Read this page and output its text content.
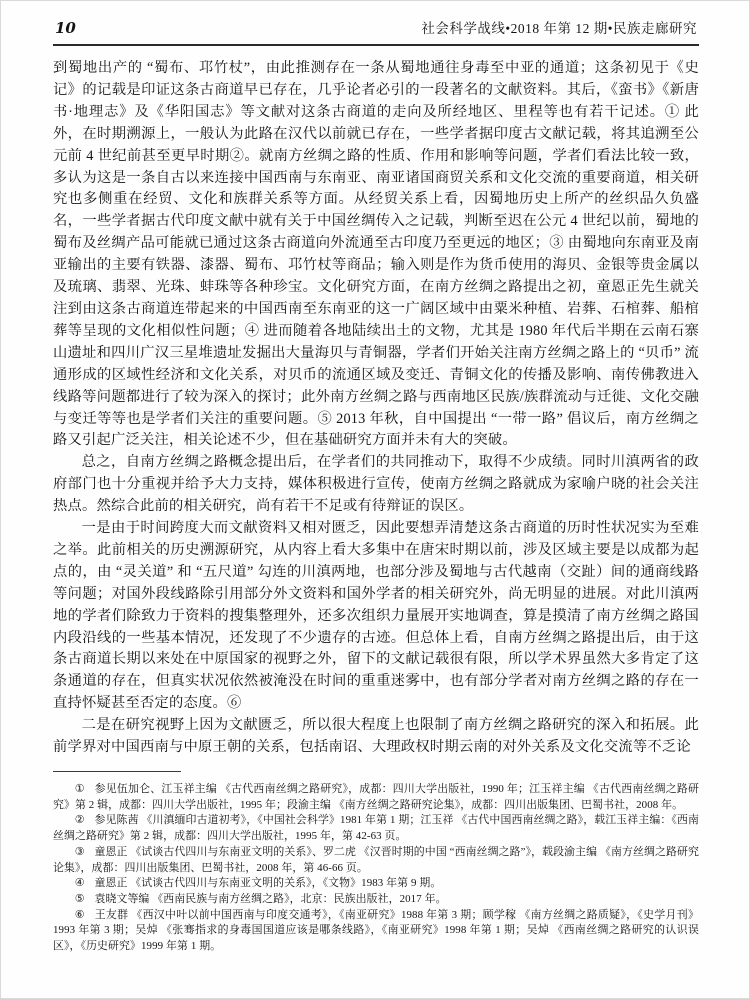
10	社会科学战线•2018 年第 12 期•民族走廊研究

到蜀地出产的 “蜀布、邛竹杖”，由此推测存在一条从蜀地通往身毒至中亚的通道；这条初见于《史记》的记载是印证这条古商道早已存在，几乎论者必引的一段著名的文献资料。其后，《蛮书》《新唐书·地理志》及《华阳国志》等文献对这条古商道的走向及所经地区、里程等也有若干记述。① 此外，在时期溯源上，一般认为此路在汉代以前就已存在，一些学者据印度古文献记载，将其追溯至公元前 4 世纪前甚至更早时期②。就南方丝绸之路的性质、作用和影响等问题，学者们看法比较一致，多认为这是一条自古以来连接中国西南与东南亚、南亚诸国商贸关系和文化交流的重要商道，相关研究也多侧重在经贸、文化和族群关系等方面。从经贸关系上看，因蜀地历史上所产的丝织品久负盛名，一些学者据古代印度文献中就有关于中国丝绸传入之记载，判断至迟在公元 4 世纪以前，蜀地的蜀布及丝绸产品可能就已通过这条古商道向外流通至古印度乃至更远的地区；③ 由蜀地向东南亚及南亚输出的主要有铁器、漆器、蜀布、邛竹杖等商品；输入则是作为货币使用的海贝、金银等贵金属以及琉璃、翡翠、光珠、蚌珠等各种珍宝。文化研究方面，在南方丝绸之路提出之初，童恩正先生就关注到由这条古商道连带起来的中国西南至东南亚的这一广阔区域中由粟米种植、岩葬、石棺葬、船棺葬等呈现的文化相似性问题；④ 进而随着各地陆续出土的文物，尤其是 1980 年代后半期在云南石寨山遗址和四川广汉三星堆遗址发掘出大量海贝与青铜器，学者们开始关注南方丝绸之路上的 “贝币” 流通形成的区域性经济和文化关系，对贝币的流通区域及变迁、青铜文化的传播及影响、南传佛教进入线路等问题都进行了较为深入的探讨；此外南方丝绸之路与西南地区民族/族群流动与迁徙、文化交融与变迁等等也是学者们关注的重要问题。⑤ 2013 年秋，自中国提出 “一带一路” 倡议后，南方丝绸之路又引起广泛关注，相关论述不少，但在基础研究方面并未有大的突破。

总之，自南方丝绸之路概念提出后，在学者们的共同推动下，取得不少成绩。同时川滇两省的政府部门也十分重视并给予大力支持，媒体积极进行宣传，使南方丝绸之路就成为家喻户晓的社会关注热点。然综合此前的相关研究，尚有若干不足或有待辩证的误区。

一是由于时间跨度大而文献资料又相对匮乏，因此要想弄清楚这条古商道的历时性状况实为至难之举。此前相关的历史溯源研究，从内容上看大多集中在唐宋时期以前，涉及区域主要是以成都为起点的，由 “灵关道” 和 “五尺道” 勾连的川滇两地，也部分涉及蜀地与古代越南（交趾）间的通商线路等问题；对国外段线路除引用部分外文资料和国外学者的相关研究外，尚无明显的进展。对此川滇两地的学者们除致力于资料的搜集整理外，还多次组织力量展开实地调查，算是摸清了南方丝绸之路国内段沿线的一些基本情况，还发现了不少遗存的古迹。但总体上看，自南方丝绸之路提出后，由于这条古商道长期以来处在中原国家的视野之外，留下的文献记载很有限，所以学术界虽然大多肯定了这条通道的存在，但真实状况依然被淹没在时间的重重迷雾中，也有部分学者对南方丝绸之路的存在一直持怀疑甚至否定的态度。⑥

二是在研究视野上因为文献匮乏，所以很大程度上也限制了南方丝绸之路研究的深入和拓展。此前学界对中国西南与中原王朝的关系，包括南诏、大理政权时期云南的对外关系及文化交流等不乏论

① 参见伍加仑、江玉祥主编 《古代西南丝绸之路研究》，成都：四川大学出版社，1990 年；江玉祥主编 《古代西南丝绸之路研究》第 2 辑，成都：四川大学出版社，1995 年；段渝主编 《南方丝绸之路研究论集》，成都：四川出版集团、巴蜀书社，2008 年。

② 参见陈茜 《川滇缅印古道初考》，《中国社会科学》1981 年第 1 期；江玉祥 《古代中国西南丝绸之路》，载江玉祥主编：《西南丝绸之路研究》第 2 辑，成都：四川大学出版社，1995 年，第 42-63 页。

③ 童恩正 《试谈古代四川与东南亚文明的关系》、罗二虎 《汉晋时期的中国 “西南丝绸之路”》，载段渝主编 《南方丝绸之路研究论集》，成都：四川出版集团、巴蜀书社，2008 年，第 46-66 页。

④ 童恩正 《试谈古代四川与东南亚文明的关系》，《文物》1983 年第 9 期。

⑤ 袁晓文等编 《西南民族与南方丝绸之路》，北京：民族出版社，2017 年。

⑥ 王友群 《西汉中叶以前中国西南与印度交通考》，《南亚研究》1988 年第 3 期；顾学稼 《南方丝绸之路质疑》，《史学月刊》1993 年第 3 期；吴焯 《张骞指求的身毒国国道应该是哪条线路》，《南亚研究》1998 年第 1 期；吴焯 《西南丝绸之路研究的认识误区》，《历史研究》1999 年第 1 期。
